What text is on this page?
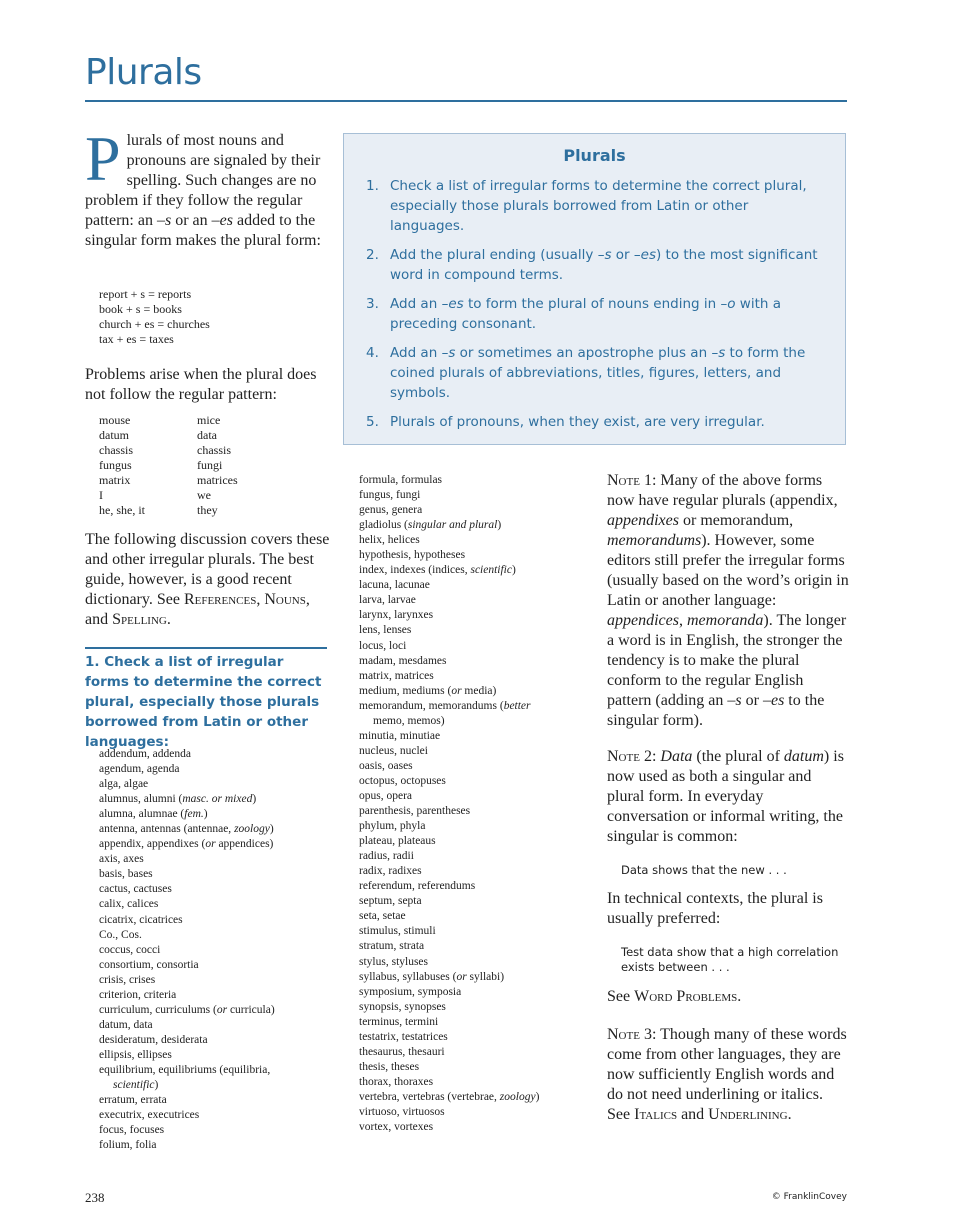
Plurals

Plurals of most nouns and pronouns are signaled by their spelling. Such changes are no problem if they follow the regular pattern: an –s or an –es added to the singular form makes the plural form:

report + s = reports
book + s = books
church + es = churches
tax + es = taxes

Problems arise when the plural does not follow the regular pattern:

mouse	mice
datum	data
chassis	chassis
fungus	fungi
matrix	matrices
I	we
he, she, it	they

The following discussion covers these and other irregular plurals. The best guide, however, is a good recent dictionary. See References, Nouns, and Spelling.

1. Check a list of irregular forms to determine the correct plural, especially those plurals borrowed from Latin or other languages:
addendum, addenda
agendum, agenda
alga, algae
alumnus, alumni (masc. or mixed)
alumna, alumnae (fem.)
antenna, antennas (antennae, zoology)
appendix, appendixes (or appendices)
axis, axes
basis, bases
cactus, cactuses
calix, calices
cicatrix, cicatrices
Co., Cos.
coccus, cocci
consortium, consortia
crisis, crises
criterion, criteria
curriculum, curriculums (or curricula)
datum, data
desideratum, desiderata
ellipsis, ellipses
equilibrium, equilibriums (equilibria,
scientific)
erratum, errata
executrix, executrices
focus, focuses
folium, folia
Plurals
1. Check a list of irregular forms to determine the correct plural, especially those plurals borrowed from Latin or other languages.
2. Add the plural ending (usually –s or –es) to the most significant word in compound terms.
3. Add an –es to form the plural of nouns ending in –o with a preceding consonant.
4. Add an –s or sometimes an apostrophe plus an –s to form the coined plurals of abbreviations, titles, figures, letters, and symbols.
5. Plurals of pronouns, when they exist, are very irregular.
formula, formulas
fungus, fungi
genus, genera
gladiolus (singular and plural)
helix, helices
hypothesis, hypotheses
index, indexes (indices, scientific)
lacuna, lacunae
larva, larvae
larynx, larynxes
lens, lenses
locus, loci
madam, mesdames
matrix, matrices
medium, mediums (or media)
memorandum, memorandums (better
memo, memos)
minutia, minutiae
nucleus, nuclei
oasis, oases
octopus, octopuses
opus, opera
parenthesis, parentheses
phylum, phyla
plateau, plateaus
radius, radii
radix, radixes
referendum, referendums
septum, septa
seta, setae
stimulus, stimuli
stratum, strata
stylus, styluses
syllabus, syllabuses (or syllabi)
symposium, symposia
synopsis, synopses
terminus, termini
testatrix, testatrices
thesaurus, thesauri
thesis, theses
thorax, thoraxes
vertebra, vertebras (vertebrae, zoology)
virtuoso, virtuosos
vortex, vortexes

Note 1: Many of the above forms now have regular plurals (appendix, appendixes or memorandum, memorandums). However, some editors still prefer the irregular forms (usually based on the word’s origin in Latin or another language: appendices, memoranda). The longer a word is in English, the stronger the tendency is to make the plural conform to the regular English pattern (adding an –s or –es to the singular form).

Note 2: Data (the plural of datum) is now used as both a singular and plural form. In everyday conversation or informal writing, the singular is common:

Data shows that the new . . .

In technical contexts, the plural is usually preferred:

Test data show that a high correlation exists between . . .

See Word Problems.

Note 3: Though many of these words come from other languages, they are now sufficiently English words and do not need underlining or italics. See Italics and Underlining.

238	© FranklinCovey
